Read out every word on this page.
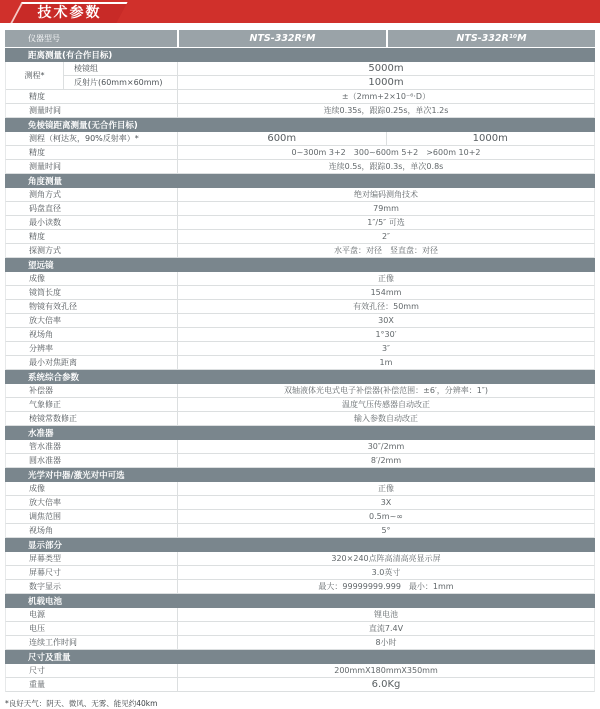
技术参数
仪器型号	NTS-332R⁶M	NTS-332R¹⁰M
距离测量(有合作目标)
测程*
棱镜组	5000m
反射片(60mm×60mm)	1000m
精度	±（2mm+2×10⁻⁶·D）
测量时间	连续0.35s，跟踪0.25s，单次1.2s
免棱镜距离测量(无合作目标)
测程（柯达灰，90%反射率）*	600m	1000m
精度	0~300m 3+2　300~600m 5+2　>600m 10+2
测量时间	连续0.5s，跟踪0.3s，单次0.8s
角度测量
测角方式	绝对编码测角技术
码盘直径	79mm
最小读数	1″/5″ 可选
精度	2″
探测方式	水平盘：对径　竖直盘：对径
望远镜
成像	正像
镜筒长度	154mm
物镜有效孔径	有效孔径：50mm
放大倍率	30X
视场角	1°30′
分辨率	3″
最小对焦距离	1m
系统综合参数
补偿器	双轴液体光电式电子补偿器(补偿范围：±6′，分辨率：1″)
气象修正	温度气压传感器自动改正
棱镜常数修正	输入参数自动改正
水准器
管水准器	30″/2mm
圆水准器	8′/2mm
光学对中器/激光对中可选
成像	正像
放大倍率	3X
调焦范围	0.5m~∞
视场角	5°
显示部分
屏幕类型	320×240点阵高清高亮显示屏
屏幕尺寸	3.0英寸
数字显示	最大：99999999.999　最小：1mm
机载电池
电源	锂电池
电压	直流7.4V
连续工作时间	8小时
尺寸及重量
尺寸	200mmX180mmX350mm
重量	6.0Kg
*良好天气：阴天、微风、无雾、能见约40km
